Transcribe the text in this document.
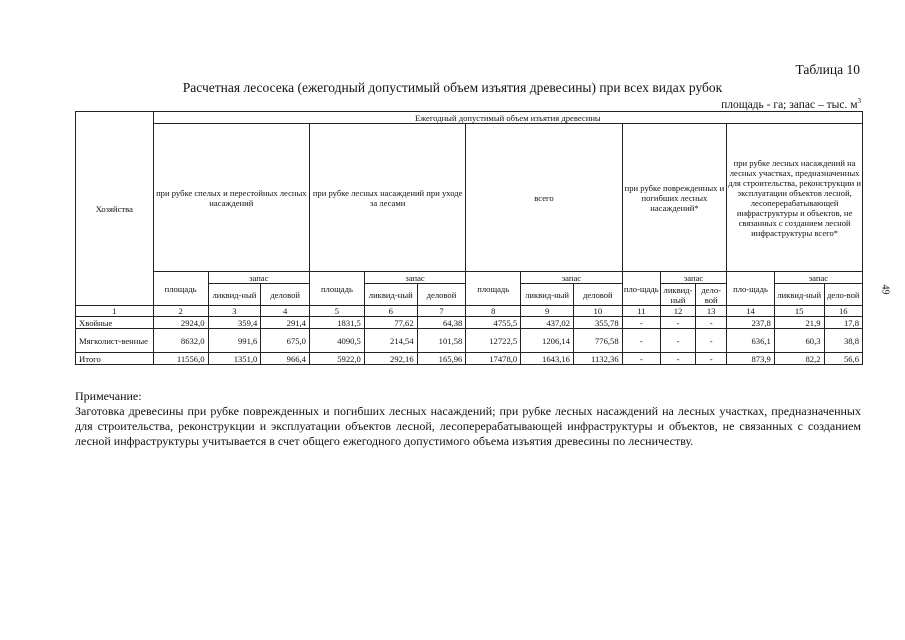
Таблица 10
Расчетная лесосека (ежегодный допустимый объем изъятия древесины) при всех видах рубок
площадь - га; запас – тыс. $м^3$
Хозяйства	Ежегодный допустимый объем изъятия древесины														
	при рубке спелых и перестойных лесных насаждений			при рубке лесных насаждений при уходе за лесами			всего			при рубке поврежденных и погибших лесных насаждений*			при рубке лесных насаждений на лесных участках, предназначенных для строительства, реконструкции и эксплуатации объектов лесной, лесоперерабатывающей инфраструктуры и объектов, не связанных с созданием лесной инфраструктуры всего*		
	площадь	запас		площадь	запас		площадь	запас		пло-щадь	запас		пло-щадь	запас	
		ликвид-ный	деловой		ликвид-ный	деловой		ликвид-ный	деловой		ликвид-ный	дело-вой		ликвид-ный	дело-вой
1	2	3	4	5	6	7	8	9	10	11	12	13	14	15	16
Хвойные	2924,0	359,4	291,4	1831,5	77,62	64,38	4755,5	437,02	355,78	-	-	-	237,8	21,9	17,8
Мягколист-венные	8632,0	991,6	675,0	4090,5	214,54	101,58	12722,5	1206,14	776,58	-	-	-	636,1	60,3	38,8
Итого	11556,0	1351,0	966,4	5922,0	292,16	165,96	17478,0	1643,16	1132,36	-	-	-	873,9	82,2	56,6
49
Примечание:
Заготовка древесины при рубке поврежденных и погибших лесных насаждений; при рубке лесных насаждений на лесных участках, предназначенных для строительства, реконструкции и эксплуатации объектов лесной, лесоперерабатывающей инфраструктуры и объектов, не связанных с созданием лесной инфраструктуры учитывается в счет общего ежегодного допустимого объема изъятия древесины по лесничеству.
